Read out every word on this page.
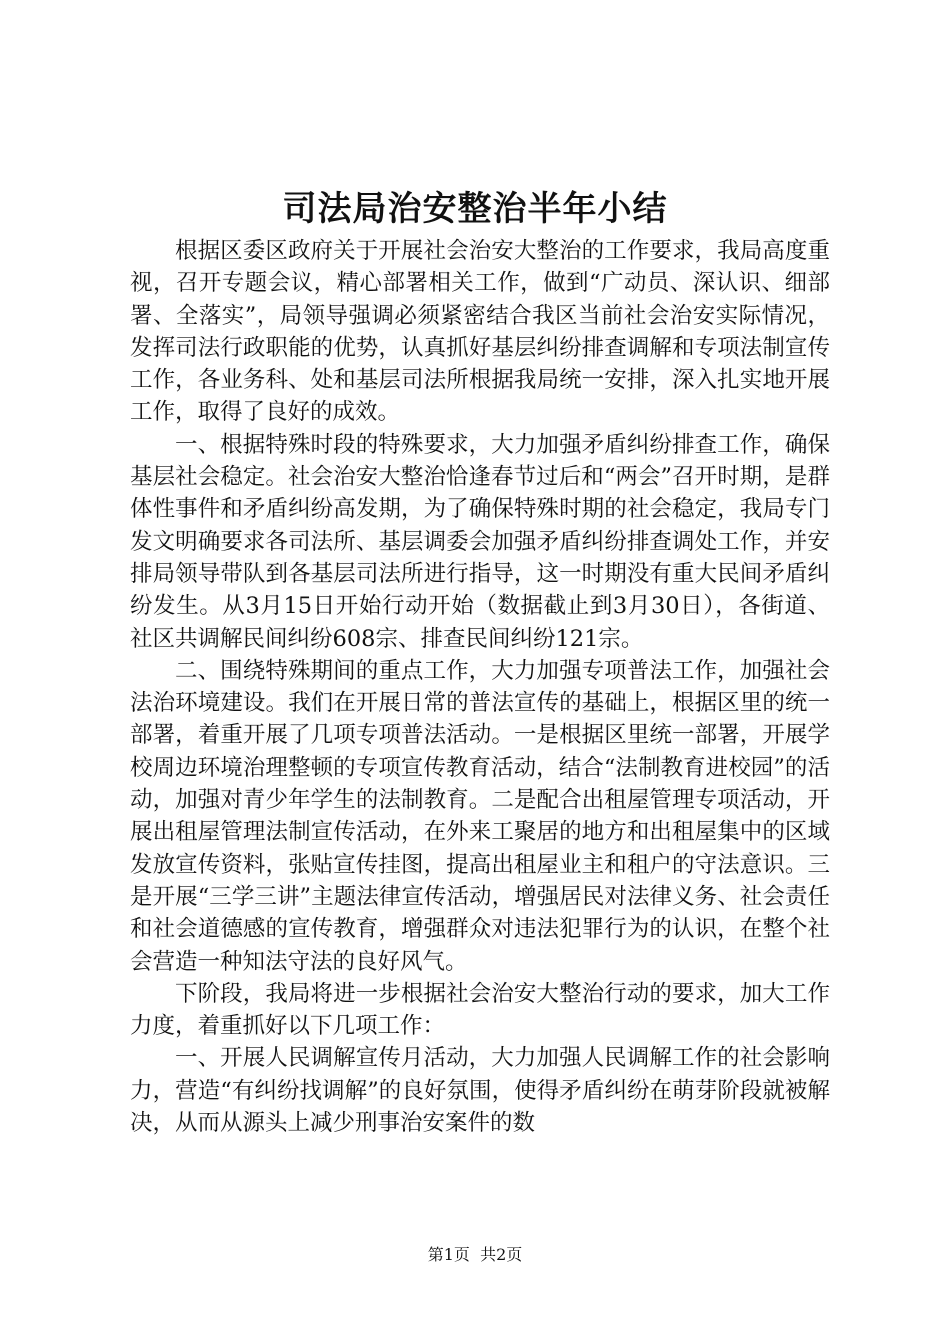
司法局治安整治半年小结

根据区委区政府关于开展社会治安大整治的工作要求，我局高度重视，召开专题会议，精心部署相关工作，做到“广动员、深认识、细部署、全落实”，局领导强调必须紧密结合我区当前社会治安实际情况，发挥司法行政职能的优势，认真抓好基层纠纷排查调解和专项法制宣传工作，各业务科、处和基层司法所根据我局统一安排，深入扎实地开展工作，取得了良好的成效。

一、根据特殊时段的特殊要求，大力加强矛盾纠纷排查工作，确保基层社会稳定。社会治安大整治恰逢春节过后和“两会”召开时期，是群体性事件和矛盾纠纷高发期，为了确保特殊时期的社会稳定，我局专门发文明确要求各司法所、基层调委会加强矛盾纠纷排查调处工作，并安排局领导带队到各基层司法所进行指导，这一时期没有重大民间矛盾纠纷发生。从3月15日开始行动开始（数据截止到3月30日），各街道、社区共调解民间纠纷608宗、排查民间纠纷121宗。

二、围绕特殊期间的重点工作，大力加强专项普法工作，加强社会法治环境建设。我们在开展日常的普法宣传的基础上，根据区里的统一部署，着重开展了几项专项普法活动。一是根据区里统一部署，开展学校周边环境治理整顿的专项宣传教育活动，结合“法制教育进校园”的活动，加强对青少年学生的法制教育。二是配合出租屋管理专项活动，开展出租屋管理法制宣传活动，在外来工聚居的地方和出租屋集中的区域发放宣传资料，张贴宣传挂图，提高出租屋业主和租户的守法意识。三是开展“三学三讲”主题法律宣传活动，增强居民对法律义务、社会责任和社会道德感的宣传教育，增强群众对违法犯罪行为的认识，在整个社会营造一种知法守法的良好风气。

下阶段，我局将进一步根据社会治安大整治行动的要求，加大工作力度，着重抓好以下几项工作：

一、开展人民调解宣传月活动，大力加强人民调解工作的社会影响力，营造“有纠纷找调解”的良好氛围，使得矛盾纠纷在萌芽阶段就被解决，从而从源头上减少刑事治安案件的数

第1页  共2页
